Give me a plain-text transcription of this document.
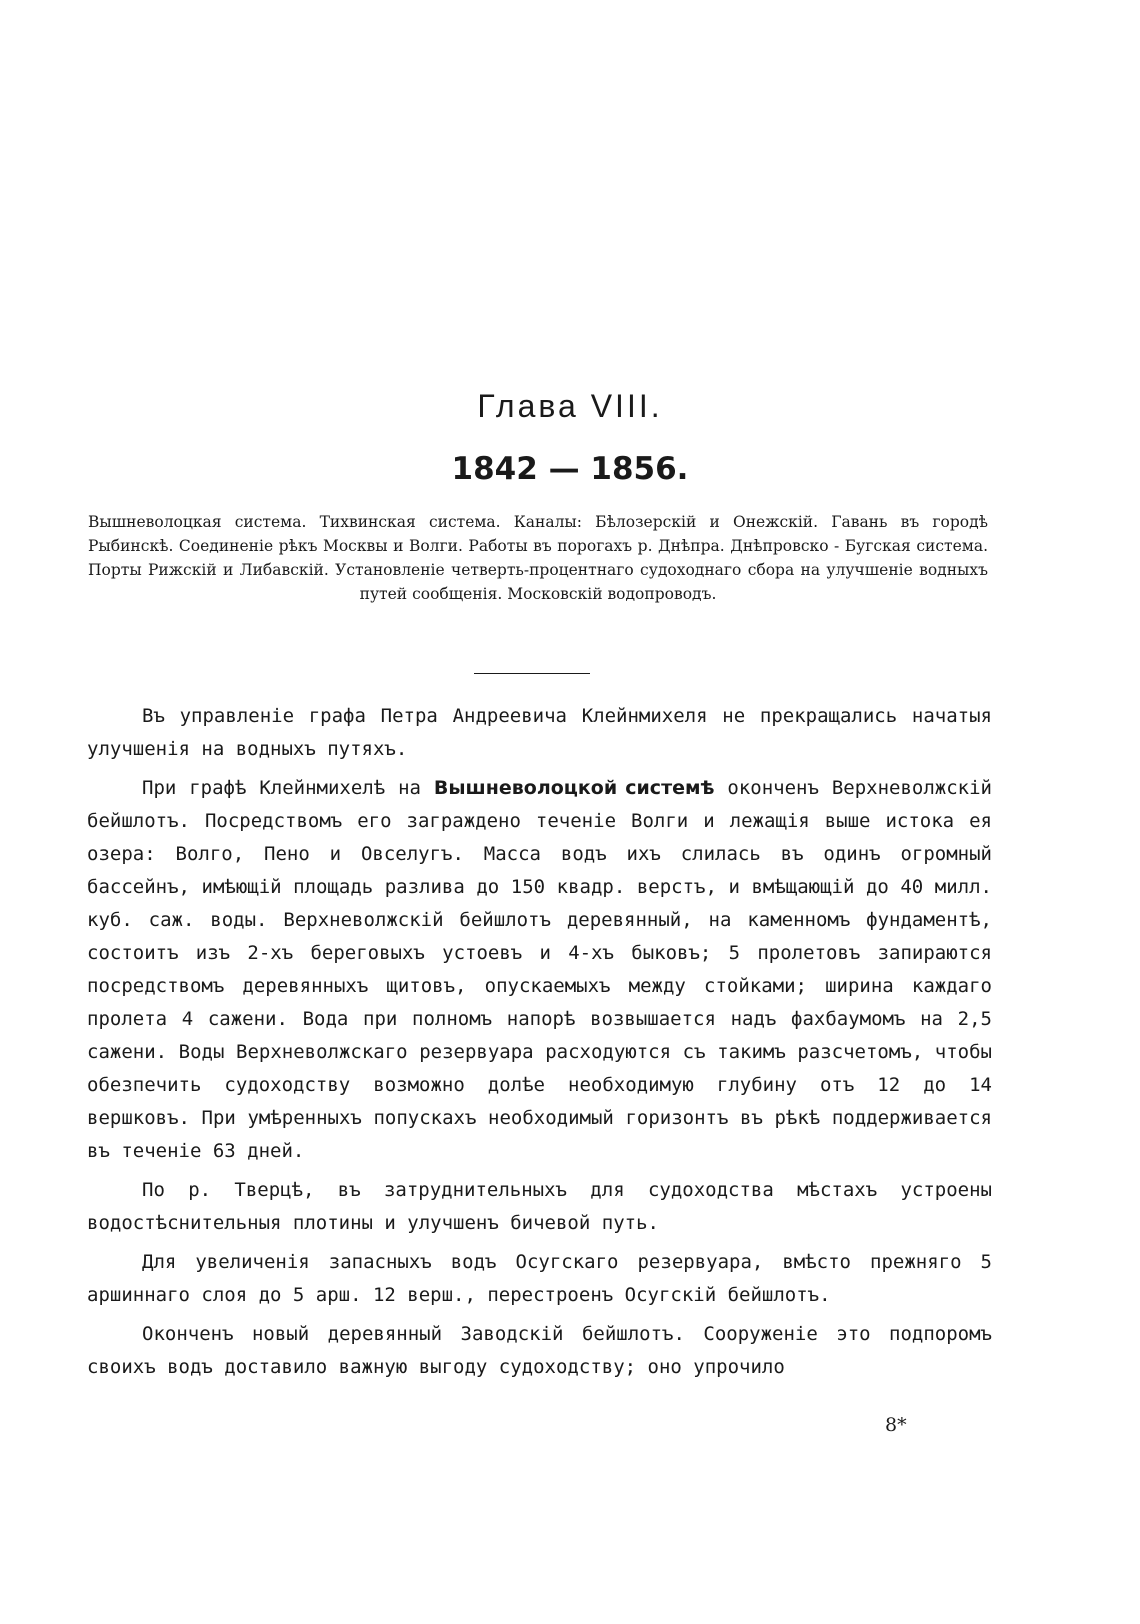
Глава VIII.
1842 — 1856.

Вышневолоцкая система. Тихвинская система. Каналы: Бѣлозерскій и Онежскій. Гавань въ городѣ Рыбинскѣ. Соединеніе рѣкъ Москвы и Волги. Работы въ порогахъ р. Днѣпра. Днѣпровско - Бугская система. Порты Рижскій и Либавскій. Установленіе четверть-процентнаго судоходнаго сбора на улучшеніе водныхъ путей сообщенія. Московскій водопроводъ.

Въ управленіе графа Петра Андреевича Клейнмихеля не прекращались начатыя улучшенія на водныхъ путяхъ.

При графѣ Клейнмихелѣ на Вышневолоцкой системѣ оконченъ Верхневолжскій бейшлотъ. Посредствомъ его заграждено теченіе Волги и лежащія выше истока ея озера: Волго, Пено и Овселугъ. Масса водъ ихъ слилась въ одинъ огромный бассейнъ, имѣющій площадь разлива до 150 квадр. верстъ, и вмѣщающій до 40 милл. куб. саж. воды. Верхневолжскій бейшлотъ деревянный, на каменномъ фундаментѣ, состоитъ изъ 2-хъ береговыхъ устоевъ и 4-хъ быковъ; 5 пролетовъ запираются посредствомъ деревянныхъ щитовъ, опускаемыхъ между стойками; ширина каждаго пролета 4 сажени. Вода при полномъ напорѣ возвышается надъ фахбаумомъ на 2,5 сажени. Воды Верхневолжскаго резервуара расходуются съ такимъ разсчетомъ, чтобы обезпечить судоходству возможно долѣе необходимую глубину отъ 12 до 14 вершковъ. При умѣренныхъ попускахъ необходимый горизонтъ въ рѣкѣ поддерживается въ теченіе 63 дней.

По р. Тверцѣ, въ затруднительныхъ для судоходства мѣстахъ устроены водостѣснительныя плотины и улучшенъ бичевой путь.

Для увеличенія запасныхъ водъ Осугскаго резервуара, вмѣсто прежняго 5 аршиннаго слоя до 5 арш. 12 верш., перестроенъ Осугскій бейшлотъ.

Оконченъ новый деревянный Заводскій бейшлотъ. Сооруженіе это подпоромъ своихъ водъ доставило важную выгоду судоходству; оно упрочило

8*
